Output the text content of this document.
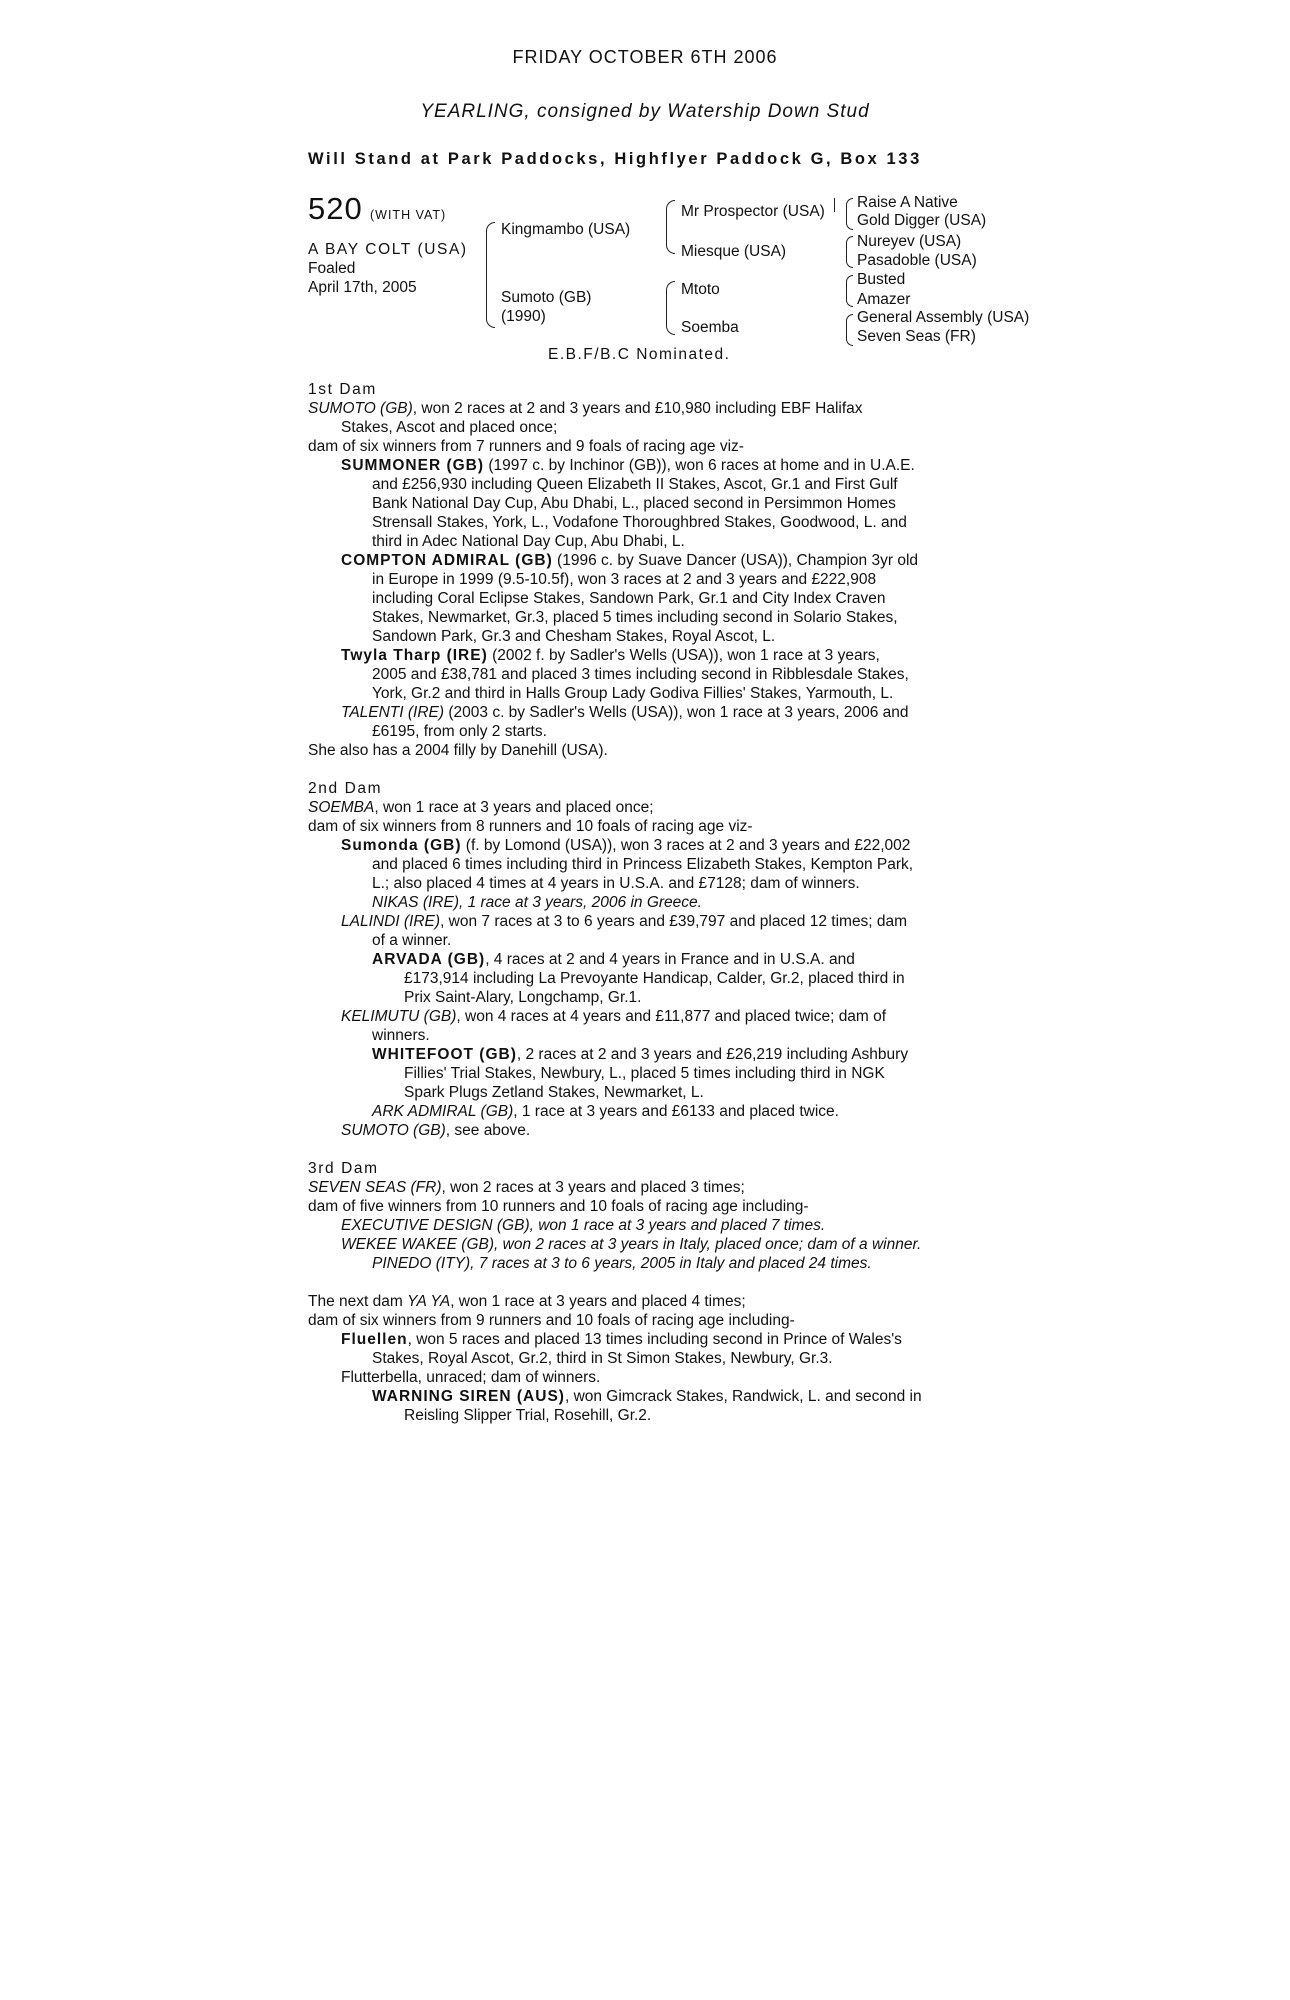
FRIDAY OCTOBER 6TH 2006
YEARLING, consigned by Watership Down Stud
Will Stand at Park Paddocks, Highflyer Paddock G, Box 133
520 (WITH VAT)
A BAY COLT (USA)
Foaled
April 17th, 2005
Kingmambo (USA)
Sumoto (GB)
(1990)
Mr Prospector (USA)
Miesque (USA)
Mtoto
Soemba
Raise A Native
Gold Digger (USA)
Nureyev (USA)
Pasadoble (USA)
Busted
Amazer
General Assembly (USA)
Seven Seas (FR)
E.B.F/B.C Nominated.
1st Dam
SUMOTO (GB), won 2 races at 2 and 3 years and £10,980 including EBF Halifax
Stakes, Ascot and placed once;
dam of six winners from 7 runners and 9 foals of racing age viz-
SUMMONER (GB) (1997 c. by Inchinor (GB)), won 6 races at home and in U.A.E.
and £256,930 including Queen Elizabeth II Stakes, Ascot, Gr.1 and First Gulf
Bank National Day Cup, Abu Dhabi, L., placed second in Persimmon Homes
Strensall Stakes, York, L., Vodafone Thoroughbred Stakes, Goodwood, L. and
third in Adec National Day Cup, Abu Dhabi, L.
COMPTON ADMIRAL (GB) (1996 c. by Suave Dancer (USA)), Champion 3yr old
in Europe in 1999 (9.5-10.5f), won 3 races at 2 and 3 years and £222,908
including Coral Eclipse Stakes, Sandown Park, Gr.1 and City Index Craven
Stakes, Newmarket, Gr.3, placed 5 times including second in Solario Stakes,
Sandown Park, Gr.3 and Chesham Stakes, Royal Ascot, L.
Twyla Tharp (IRE) (2002 f. by Sadler's Wells (USA)), won 1 race at 3 years,
2005 and £38,781 and placed 3 times including second in Ribblesdale Stakes,
York, Gr.2 and third in Halls Group Lady Godiva Fillies' Stakes, Yarmouth, L.
TALENTI (IRE) (2003 c. by Sadler's Wells (USA)), won 1 race at 3 years, 2006 and
£6195, from only 2 starts.
She also has a 2004 filly by Danehill (USA).
2nd Dam
SOEMBA, won 1 race at 3 years and placed once;
dam of six winners from 8 runners and 10 foals of racing age viz-
Sumonda (GB) (f. by Lomond (USA)), won 3 races at 2 and 3 years and £22,002
and placed 6 times including third in Princess Elizabeth Stakes, Kempton Park,
L.; also placed 4 times at 4 years in U.S.A. and £7128; dam of winners.
NIKAS (IRE), 1 race at 3 years, 2006 in Greece.
LALINDI (IRE), won 7 races at 3 to 6 years and £39,797 and placed 12 times; dam
of a winner.
ARVADA (GB), 4 races at 2 and 4 years in France and in U.S.A. and
£173,914 including La Prevoyante Handicap, Calder, Gr.2, placed third in
Prix Saint-Alary, Longchamp, Gr.1.
KELIMUTU (GB), won 4 races at 4 years and £11,877 and placed twice; dam of
winners.
WHITEFOOT (GB), 2 races at 2 and 3 years and £26,219 including Ashbury
Fillies' Trial Stakes, Newbury, L., placed 5 times including third in NGK
Spark Plugs Zetland Stakes, Newmarket, L.
ARK ADMIRAL (GB), 1 race at 3 years and £6133 and placed twice.
SUMOTO (GB), see above.
3rd Dam
SEVEN SEAS (FR), won 2 races at 3 years and placed 3 times;
dam of five winners from 10 runners and 10 foals of racing age including-
EXECUTIVE DESIGN (GB), won 1 race at 3 years and placed 7 times.
WEKEE WAKEE (GB), won 2 races at 3 years in Italy, placed once; dam of a winner.
PINEDO (ITY), 7 races at 3 to 6 years, 2005 in Italy and placed 24 times.
The next dam YA YA, won 1 race at 3 years and placed 4 times;
dam of six winners from 9 runners and 10 foals of racing age including-
Fluellen, won 5 races and placed 13 times including second in Prince of Wales's
Stakes, Royal Ascot, Gr.2, third in St Simon Stakes, Newbury, Gr.3.
Flutterbella, unraced; dam of winners.
WARNING SIREN (AUS), won Gimcrack Stakes, Randwick, L. and second in
Reisling Slipper Trial, Rosehill, Gr.2.
